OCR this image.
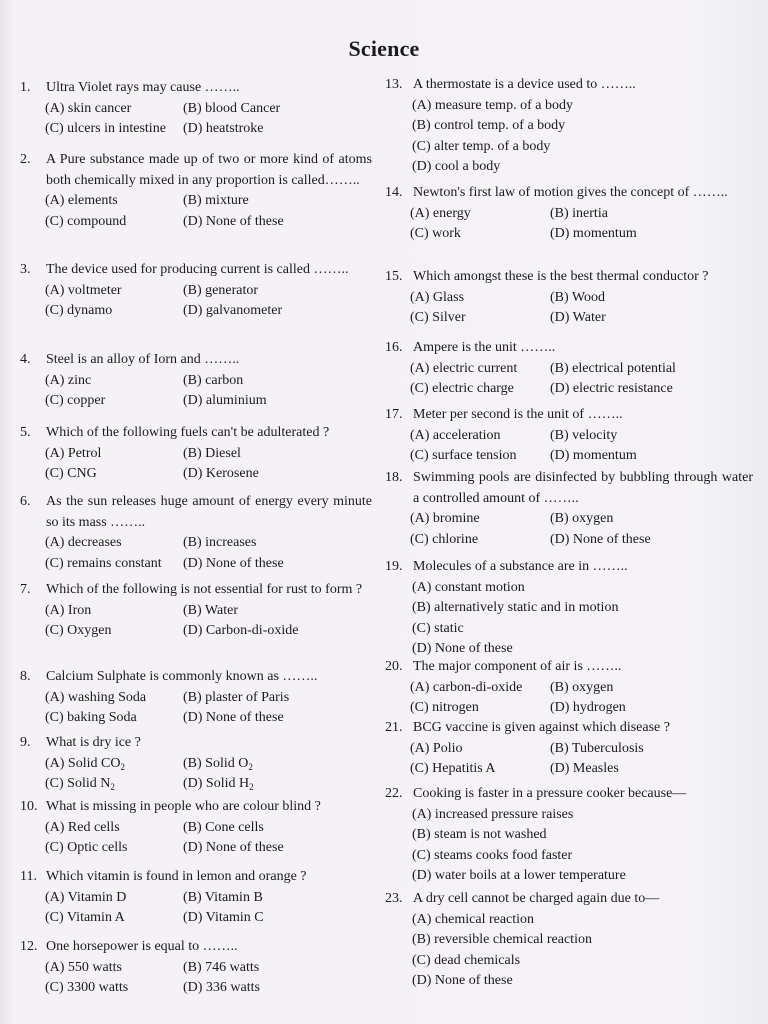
Science
1.	Ultra Violet rays may cause ……..
(A) skin cancer	(B) blood Cancer
(C) ulcers in intestine	(D) heatstroke
2.	A Pure substance made up of two or more kind of atoms both chemically mixed in any proportion is called……..
(A) elements	(B) mixture
(C) compound	(D) None of these
3.	The device used for producing current is called ……..
(A) voltmeter	(B) generator
(C) dynamo	(D) galvanometer
4.	Steel is an alloy of Iorn and ……..
(A) zinc	(B) carbon
(C) copper	(D) aluminium
5.	Which of the following fuels can't be adulterated ?
(A) Petrol	(B) Diesel
(C) CNG	(D) Kerosene
6.	As the sun releases huge amount of energy every minute so its mass ……..
(A) decreases	(B) increases
(C) remains constant	(D) None of these
7.	Which of the following is not essential for rust to form ?
(A) Iron	(B) Water
(C) Oxygen	(D) Carbon-di-oxide
8.	Calcium Sulphate is commonly known as ……..
(A) washing Soda	(B) plaster of Paris
(C) baking Soda	(D) None of these
9.	What is dry ice ?
(A) Solid $CO_2$	(B) Solid $O_2$
(C) Solid $N_2$	(D) Solid $H_2$
10. What is missing in people who are colour blind ?
(A) Red cells	(B) Cone cells
(C) Optic cells	(D) None of these
11. Which vitamin is found in lemon and orange ?
(A) Vitamin D	(B) Vitamin B
(C) Vitamin A	(D) Vitamin C
12. One horsepower is equal to ……..
(A) 550 watts	(B) 746 watts
(C) 3300 watts	(D) 336 watts
13. A thermostate is a device used to ……..
(A) measure temp. of a body
(B) control temp. of a body
(C) alter temp. of a body
(D) cool a body
14. Newton's first law of motion gives the concept of ……..
(A) energy	(B) inertia
(C) work	(D) momentum
15. Which amongst these is the best thermal conductor ?
(A) Glass	(B) Wood
(C) Silver	(D) Water
16. Ampere is the unit ……..
(A) electric current	(B) electrical potential
(C) electric charge	(D) electric resistance
17. Meter per second is the unit of ……..
(A) acceleration	(B) velocity
(C) surface tension	(D) momentum
18. Swimming pools are disinfected by bubbling through water a controlled amount of ……..
(A) bromine	(B) oxygen
(C) chlorine	(D) None of these
19. Molecules of a substance are in ……..
(A) constant motion
(B) alternatively static and in motion
(C) static
(D) None of these
20. The major component of air is ……..
(A) carbon-di-oxide	(B) oxygen
(C) nitrogen	(D) hydrogen
21. BCG vaccine is given against which disease ?
(A) Polio	(B) Tuberculosis
(C) Hepatitis A	(D) Measles
22. Cooking is faster in a pressure cooker because—
(A) increased pressure raises
(B) steam is not washed
(C) steams cooks food faster
(D) water boils at a lower temperature
23. A dry cell cannot be charged again due to—
(A) chemical reaction
(B) reversible chemical reaction
(C) dead chemicals
(D) None of these
